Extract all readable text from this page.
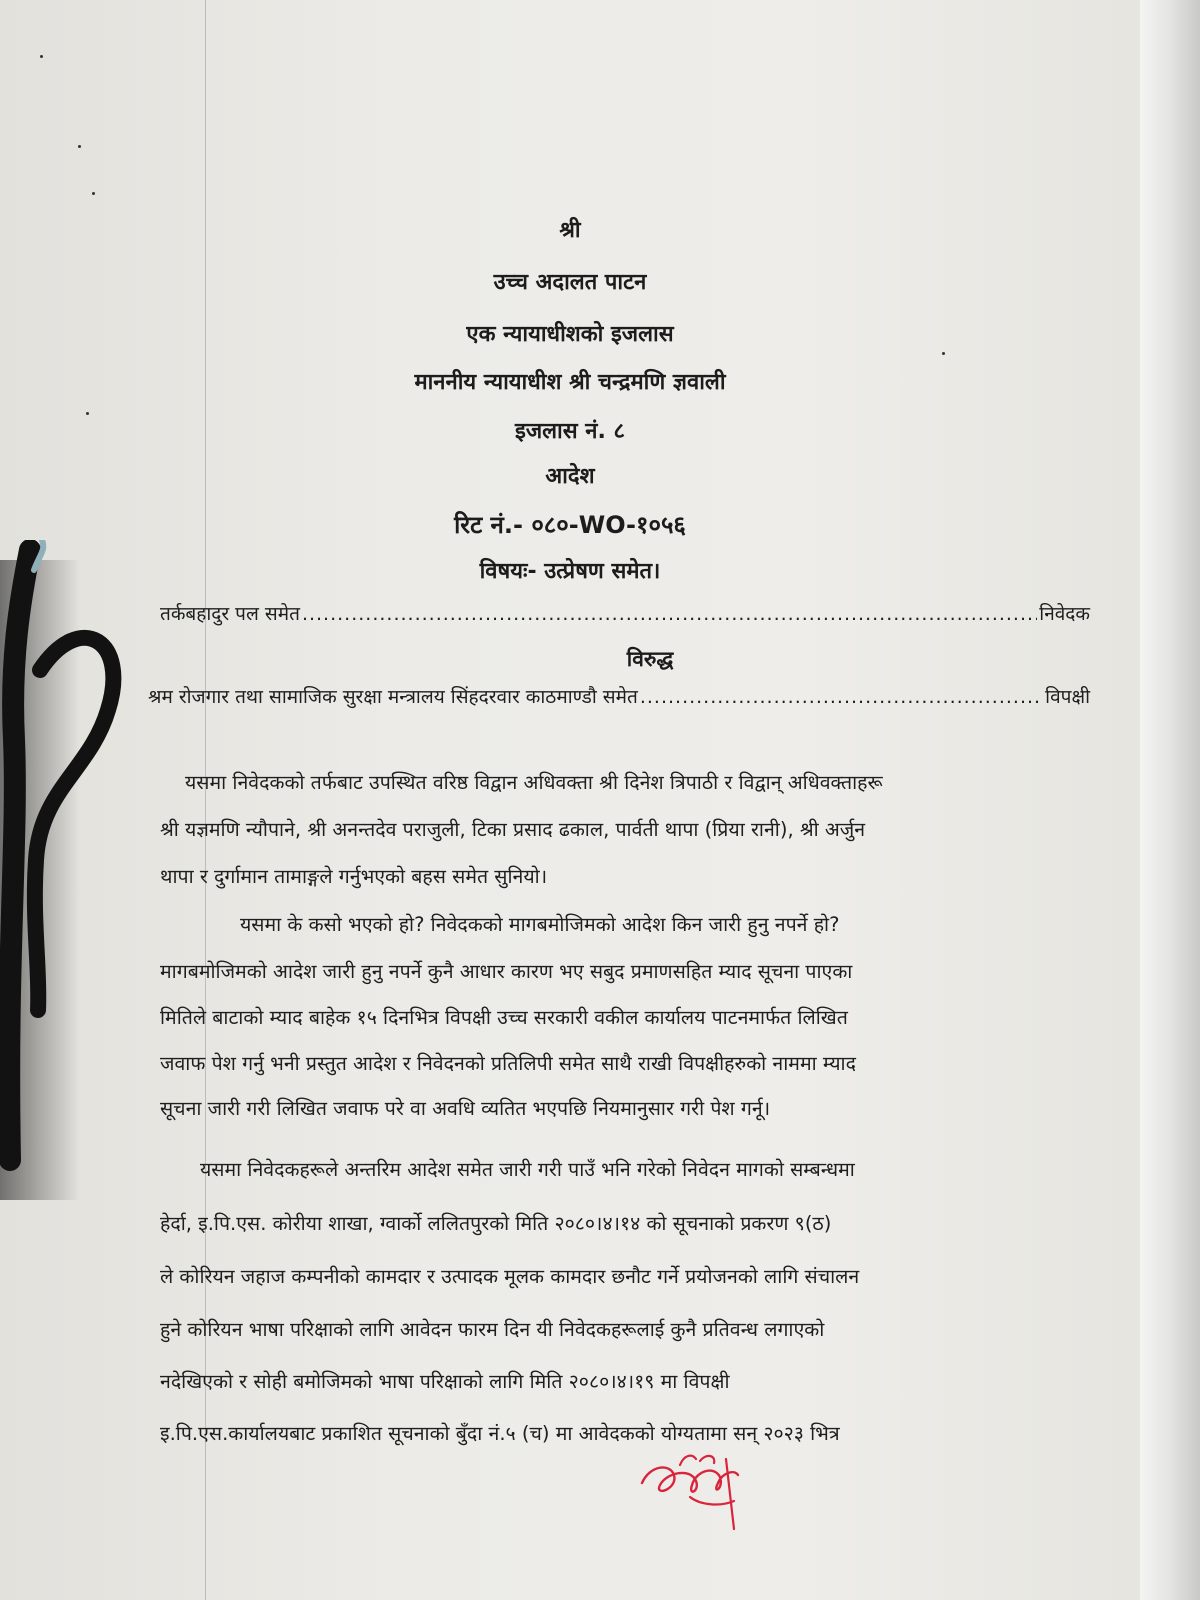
श्री
उच्च अदालत पाटन
एक न्यायाधीशको इजलास
माननीय न्यायाधीश श्री चन्द्रमणि ज्ञवाली
इजलास नं. ८
आदेश
रिट नं.- ०८०-WO-१०५६
विषयः- उत्प्रेषण समेत।
तर्कबहादुर पल समेत .....	निवेदक
विरुद्ध
श्रम रोजगार तथा सामाजिक सुरक्षा मन्त्रालय सिंहदरवार काठमाण्डौ समेत .....	विपक्षी
यसमा निवेदकको तर्फबाट उपस्थित वरिष्ठ विद्वान अधिवक्ता श्री दिनेश त्रिपाठी र विद्वान् अधिवक्ताहरू
श्री यज्ञमणि न्यौपाने, श्री अनन्तदेव पराजुली, टिका प्रसाद ढकाल, पार्वती थापा (प्रिया रानी), श्री अर्जुन
थापा र दुर्गामान तामाङ्गले गर्नुभएको बहस समेत सुनियो।
यसमा के कसो भएको हो? निवेदकको मागबमोजिमको आदेश किन जारी हुनु नपर्ने हो?
मागबमोजिमको आदेश जारी हुनु नपर्ने कुनै आधार कारण भए सबुद प्रमाणसहित म्याद सूचना पाएका
मितिले बाटाको म्याद बाहेक १५ दिनभित्र विपक्षी उच्च सरकारी वकील कार्यालय पाटनमार्फत लिखित
जवाफ पेश गर्नु भनी प्रस्तुत आदेश र निवेदनको प्रतिलिपी समेत साथै राखी विपक्षीहरुको नाममा म्याद
सूचना जारी गरी लिखित जवाफ परे वा अवधि व्यतित भएपछि नियमानुसार गरी पेश गर्नू।
यसमा निवेदकहरूले अन्तरिम आदेश समेत जारी गरी पाउँ भनि गरेको निवेदन मागको सम्बन्धमा
हेर्दा, इ.पि.एस. कोरीया शाखा, ग्वार्को ललितपुरको मिति २०८०।४।१४ को सूचनाको प्रकरण ९(ठ)
ले कोरियन जहाज कम्पनीको कामदार र उत्पादक मूलक कामदार छनौट गर्ने प्रयोजनको लागि संचालन
हुने कोरियन भाषा परिक्षाको लागि आवेदन फारम दिन यी निवेदकहरूलाई कुनै प्रतिवन्ध लगाएको
नदेखिएको र सोही बमोजिमको भाषा परिक्षाको लागि मिति २०८०।४।१९ मा विपक्षी
इ.पि.एस.कार्यालयबाट प्रकाशित सूचनाको बुँदा नं.५ (च) मा आवेदकको योग्यतामा सन् २०२३ भित्र
